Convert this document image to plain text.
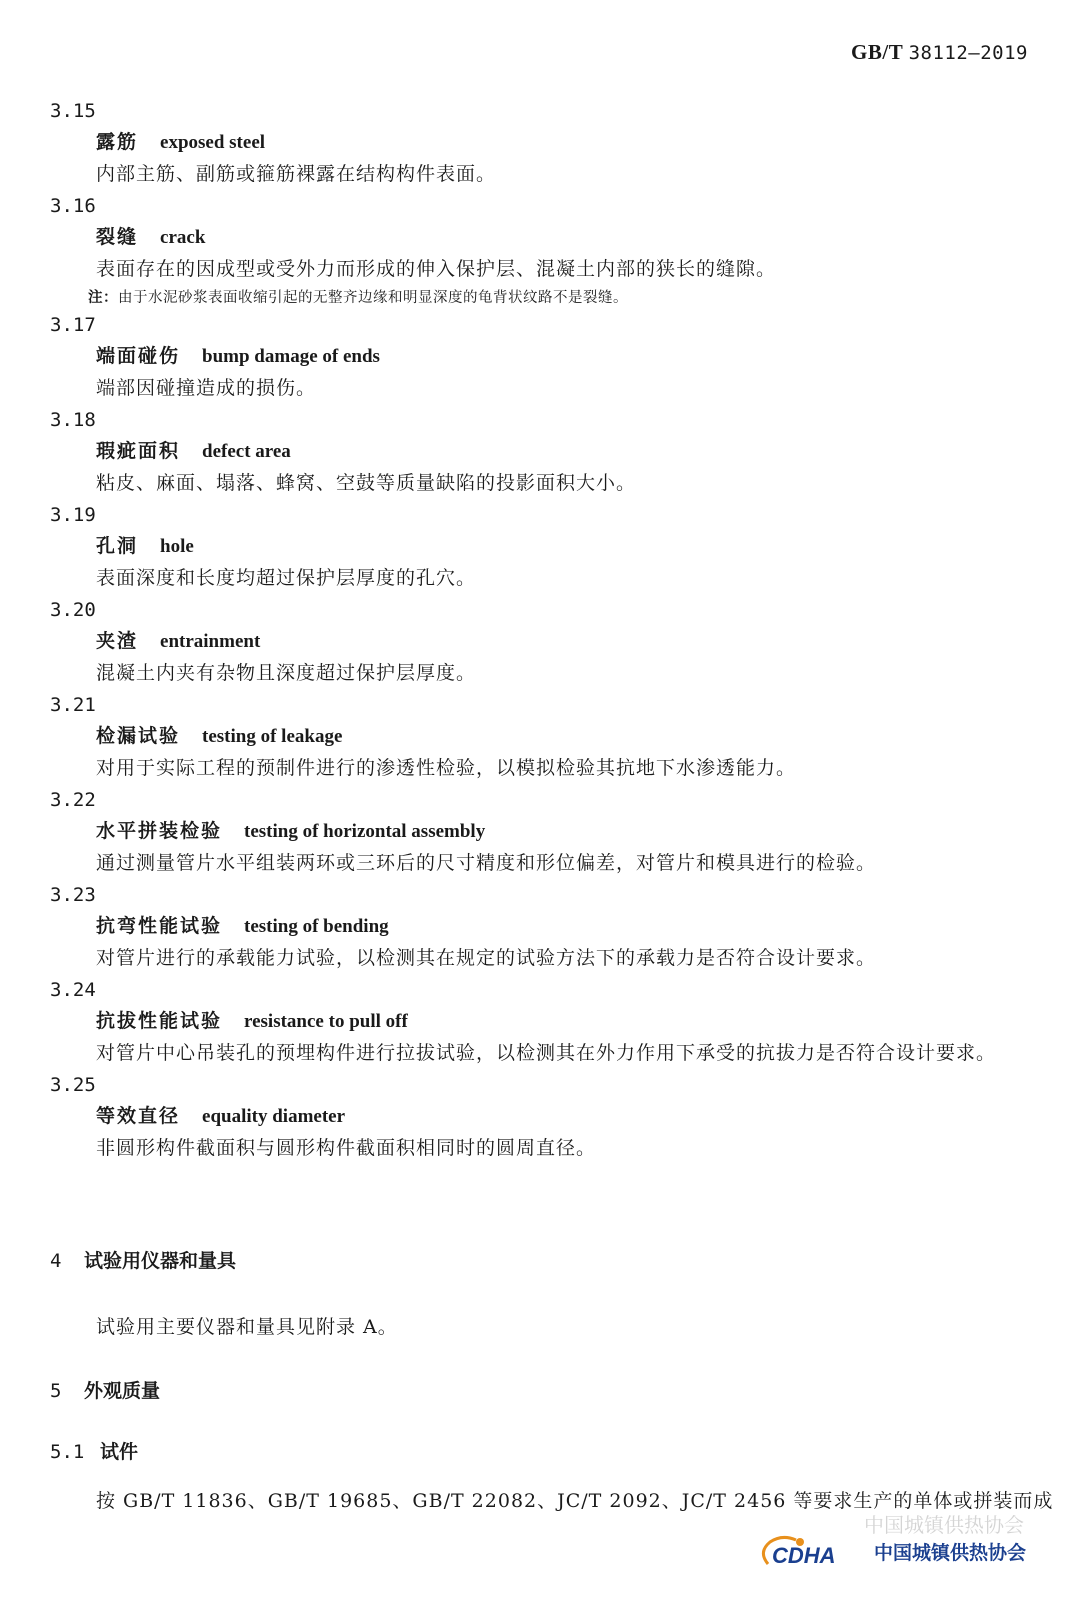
GB/T 38112—2019
3.15
露筋 exposed steel
内部主筋、副筋或箍筋裸露在结构构件表面。
3.16
裂缝 crack
表面存在的因成型或受外力而形成的伸入保护层、混凝土内部的狭长的缝隙。
注：由于水泥砂浆表面收缩引起的无整齐边缘和明显深度的龟背状纹路不是裂缝。
3.17
端面碰伤 bump damage of ends
端部因碰撞造成的损伤。
3.18
瑕疵面积 defect area
粘皮、麻面、塌落、蜂窝、空鼓等质量缺陷的投影面积大小。
3.19
孔洞 hole
表面深度和长度均超过保护层厚度的孔穴。
3.20
夹渣 entrainment
混凝土内夹有杂物且深度超过保护层厚度。
3.21
检漏试验 testing of leakage
对用于实际工程的预制件进行的渗透性检验，以模拟检验其抗地下水渗透能力。
3.22
水平拼装检验 testing of horizontal assembly
通过测量管片水平组装两环或三环后的尺寸精度和形位偏差，对管片和模具进行的检验。
3.23
抗弯性能试验 testing of bending
对管片进行的承载能力试验，以检测其在规定的试验方法下的承载力是否符合设计要求。
3.24
抗拔性能试验 resistance to pull off
对管片中心吊装孔的预埋构件进行拉拔试验，以检测其在外力作用下承受的抗拔力是否符合设计要求。
3.25
等效直径 equality diameter
非圆形构件截面积与圆形构件截面积相同时的圆周直径。
4 试验用仪器和量具
试验用主要仪器和量具见附录 A。
5 外观质量
5.1 试件
按 GB/T 11836、GB/T 19685、GB/T 22082、JC/T 2092、JC/T 2456 等要求生产的单体或拼装而成
中国城镇供热协会
CDHA 中国城镇供热协会
